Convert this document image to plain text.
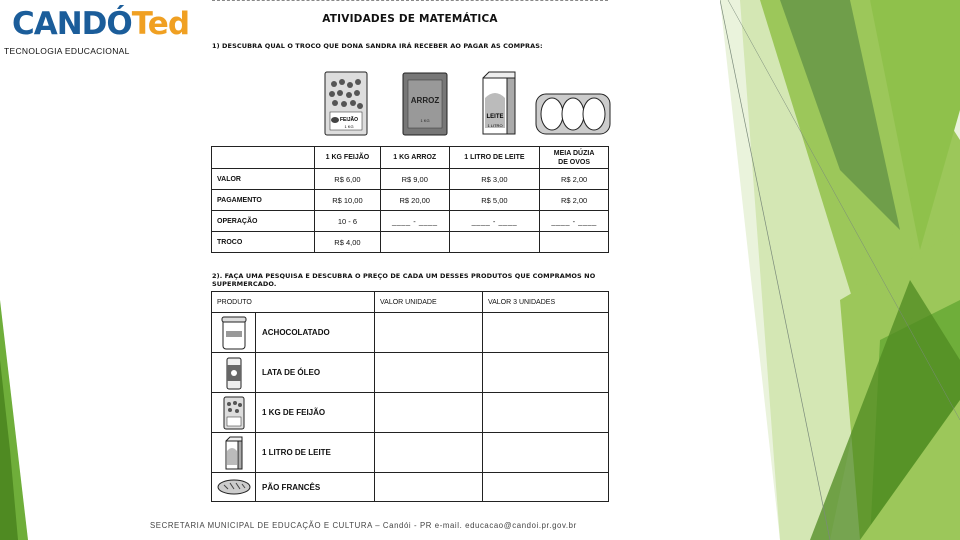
CANDÓTed
TECNOLOGIA EDUCACIONAL
ATIVIDADES DE MATEMÁTICA
1) DESCUBRA QUAL O TROCO QUE DONA SANDRA IRÁ RECEBER AO PAGAR AS COMPRAS:
FEIJÃO
1 KG
ARROZ
1 KG
LEITE
1 LITRO
	1 KG FEIJÃO	1 KG ARROZ	1 LITRO DE LEITE	MEIA DÚZIA
DE OVOS

VALOR	R$ 6,00	R$ 9,00	R$ 3,00	R$ 2,00
PAGAMENTO	R$ 10,00	R$ 20,00	R$ 5,00	R$ 2,00
OPERAÇÃO	10 - 6	____ - ____	____ - ____	____ - ____
TROCO	R$ 4,00			
2). FAÇA UMA PESQUISA E DESCUBRA O PREÇO DE CADA UM DESSES PRODUTOS QUE COMPRAMOS NO SUPERMERCADO.
PRODUTO	VALOR UNIDADE	VALOR 3 UNIDADES

ACHOCOLATADO		

LATA DE ÓLEO		

1 KG DE FEIJÃO		

1 LITRO DE LEITE		

PÃO FRANCÊS		

SECRETARIA MUNICIPAL DE EDUCAÇÃO E CULTURA – Candói - PR e-mail. educacao@candoi.pr.gov.br
